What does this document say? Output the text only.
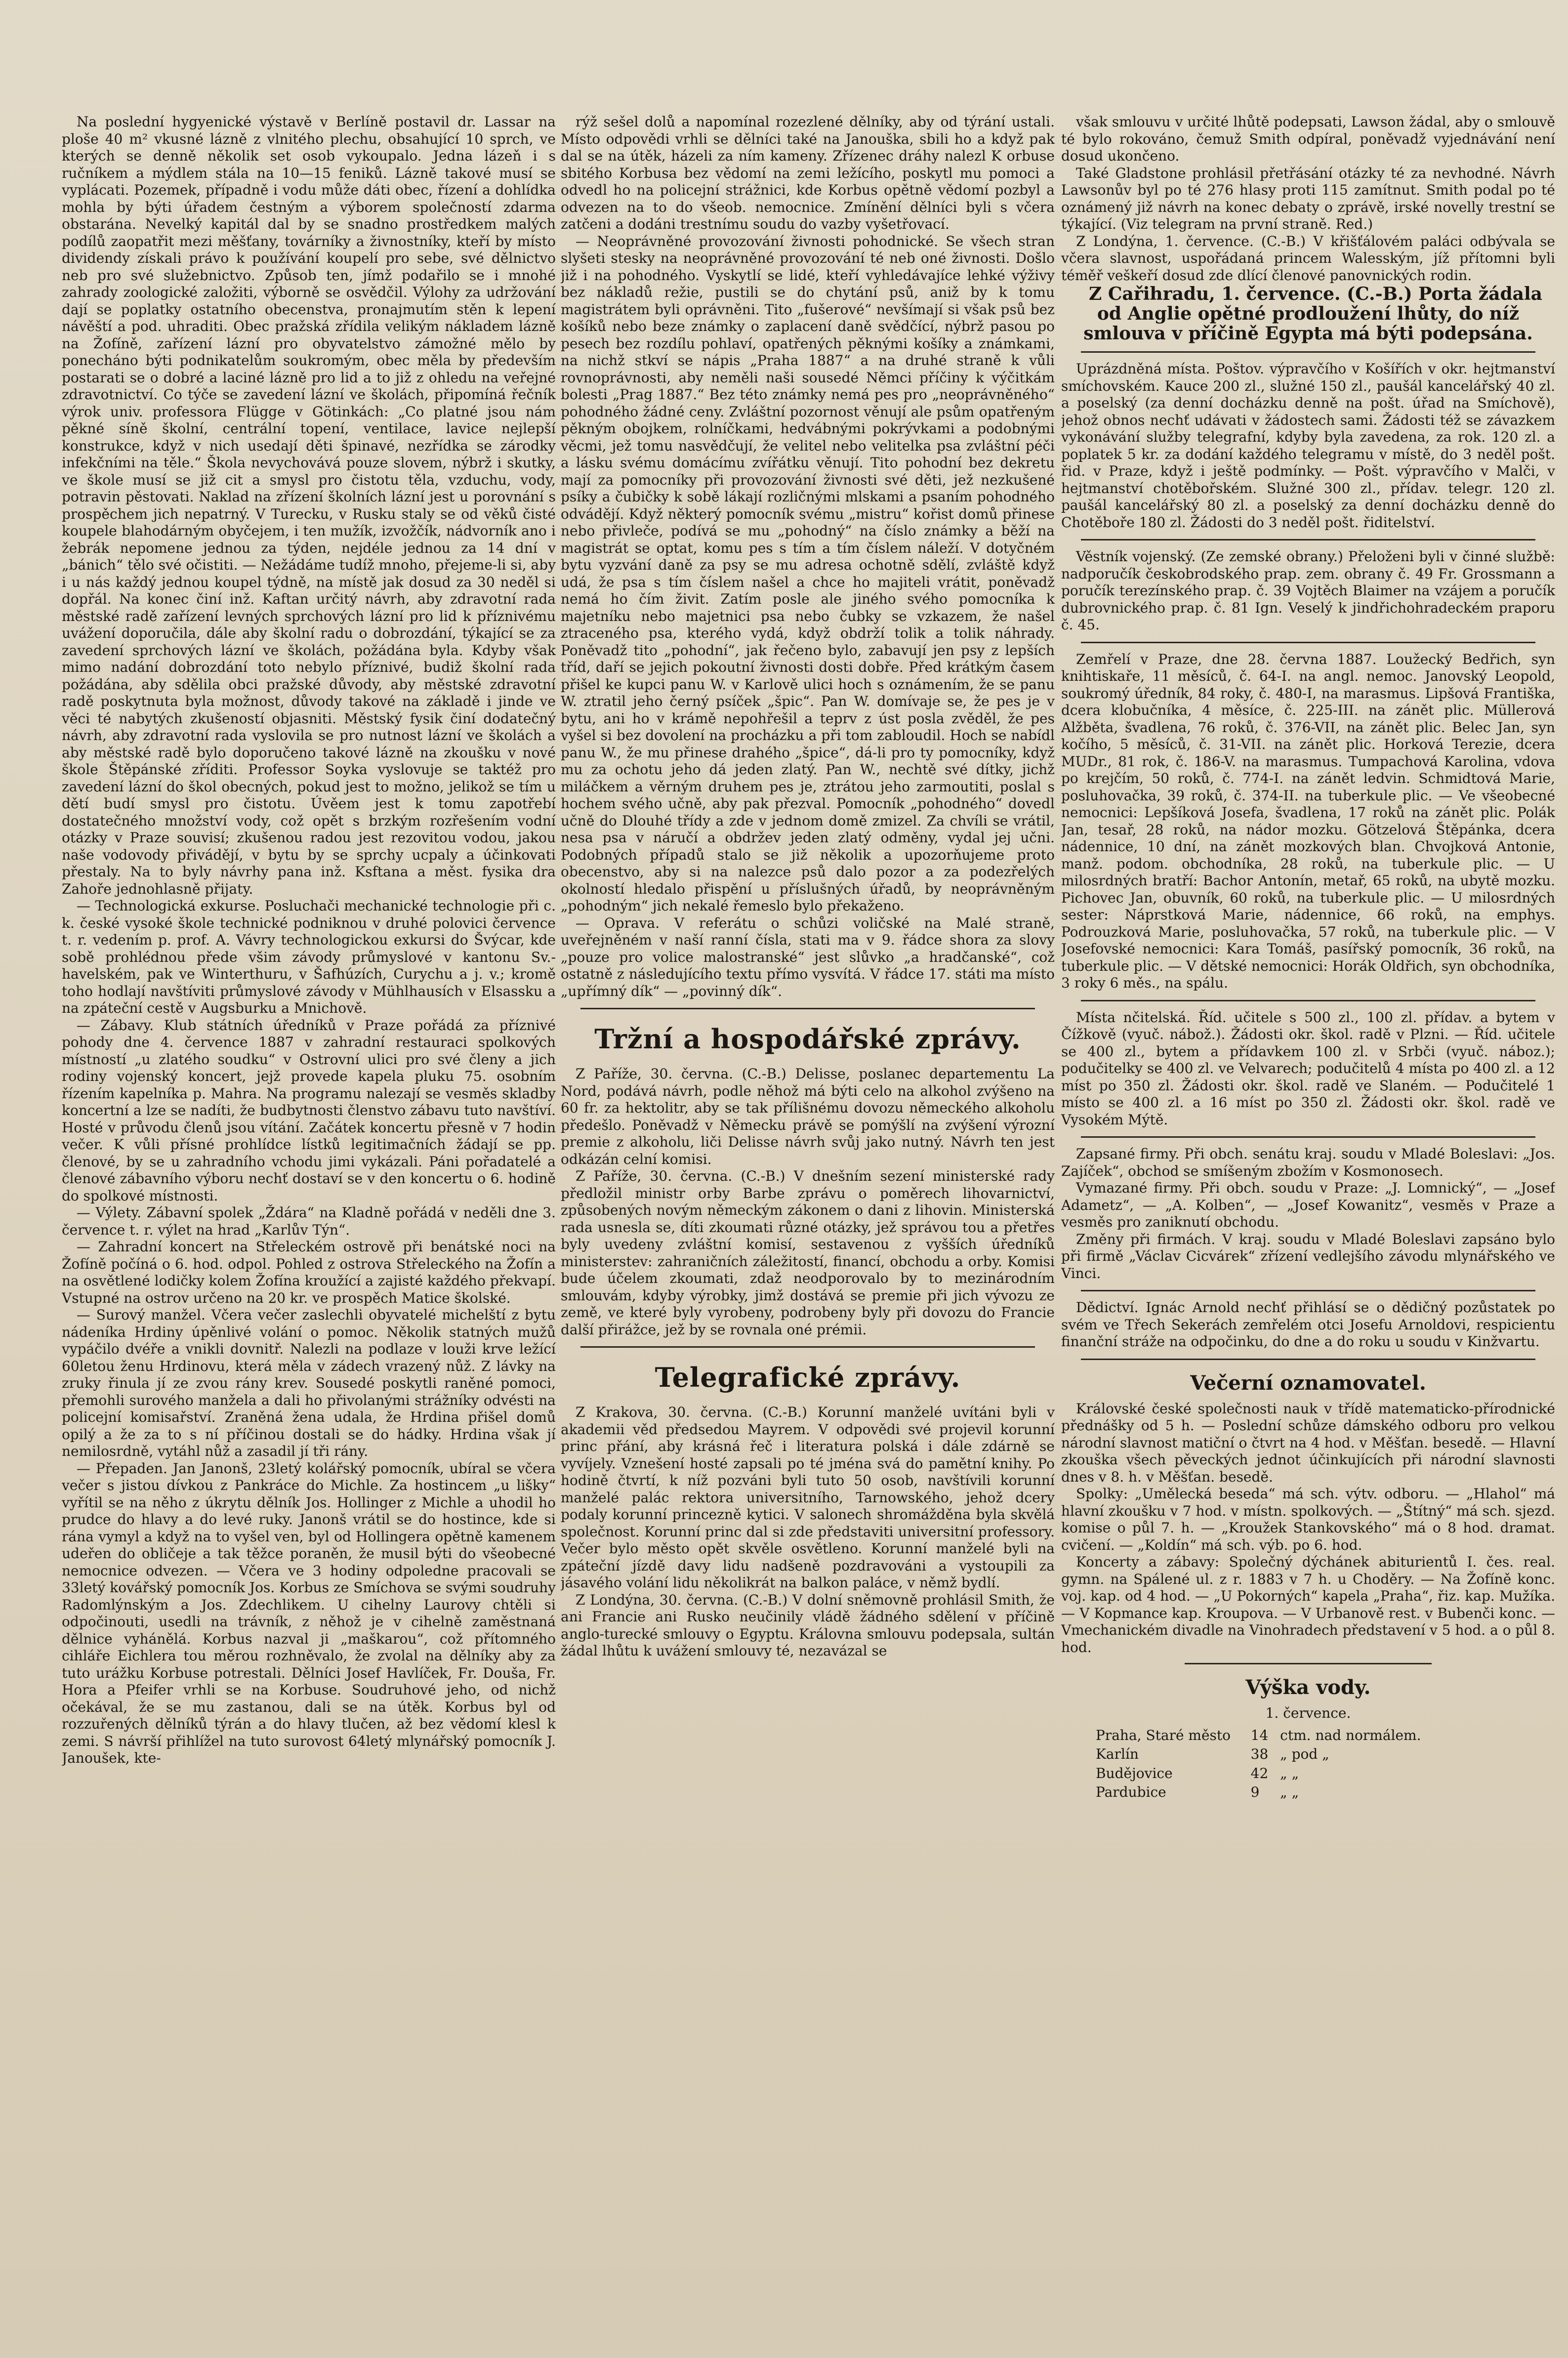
Na poslední hygyenické výstavě v Berlíně postavil dr. Lassar na ploše 40 m² vkusné lázně z vlnitého plechu, obsahující 10 sprch, ve kterých se denně několik set osob vykoupalo. Jedna lázeň i s ručníkem a mýdlem stála na 10—15 feniků. Lázně takové musí se vyplácati. Pozemek, případně i vodu může dáti obec, řízení a dohlídka mohla by býti úřadem čestným a výborem společností zdarma obstarána. Nevelký kapitál dal by se snadno prostředkem malých podílů zaopatřit mezi měšťany, továrníky a živnostníky, kteří by místo dividendy získali právo k používání koupelí pro sebe, své dělnictvo neb pro své služebnictvo. Způsob ten, jímž podařilo se i mnohé zahrady zoologické založiti, výborně se osvědčil. Výlohy za udržování dají se poplatky ostatního obecenstva, pronajmutím stěn k lepení návěští a pod. uhraditi. Obec pražská zřídila velikým nákladem lázně na Žofíně, zařízení lázní pro obyvatelstvo zámožné mělo by ponecháno býti podnikatelům soukromým, obec měla by především postarati se o dobré a laciné lázně pro lid a to již z ohledu na veřejné zdravotnictví. Co týče se zavedení lázní ve školách, připomíná řečník výrok univ. professora Flügge v Götinkách: „Co platné jsou nám pěkné síně školní, centrální topení, ventilace, lavice nejlepší konstrukce, když v nich usedají děti špinavé, nezřídka se zárodky infekčními na těle.“ Škola nevychovává pouze slovem, nýbrž i skutky, ve škole musí se již cit a smysl pro čistotu těla, vzduchu, vody, potravin pěstovati. Naklad na zřízení školních lázní jest u porovnání s prospěchem jich nepatrný. V Turecku, v Rusku staly se od věků čisté koupele blahodárným obyčejem, i ten mužík, izvožčík, nádvorník ano i žebrák nepomene jednou za týden, nejdéle jednou za 14 dní v „bánich“ tělo své očistiti. — Nežádáme tudíž mnoho, přejeme-li si, aby i u nás každý jednou koupel týdně, na místě jak dosud za 30 neděl si dopřál. Na konec činí inž. Kaftan určitý návrh, aby zdravotní rada městské radě zařízení levných sprchových lázní pro lid k příznivému uvážení doporučila, dále aby školní radu o dobrozdání, týkající se za zavedení sprchových lázní ve školách, požádána byla. Kdyby však mimo nadání dobrozdání toto nebylo příznivé, budiž školní rada požádána, aby sdělila obci pražské důvody, aby městské zdravotní radě poskytnuta byla možnost, důvody takové na základě i jinde ve věci té nabytých zkušeností objasniti. Městský fysik činí dodatečný návrh, aby zdravotní rada vyslovila se pro nutnost lázní ve školách a aby městské radě bylo doporučeno takové lázně na zkoušku v nové škole Štěpánské zříditi. Professor Soyka vyslovuje se taktéž pro zavedení lázní do škol obecných, pokud jest to možno, jelikož se tím u dětí budí smysl pro čistotu. Úvěem jest k tomu zapotřebí dostatečného množství vody, což opět s brzkým rozřešením vodní otázky v Praze souvisí; zkušenou radou jest rezovitou vodou, jakou naše vodovody přivádějí, v bytu by se sprchy ucpaly a účinkovati přestaly. Na to byly návrhy pana inž. Ksftana a měst. fysika dra Zahoře jednohlasně přijaty.

— Technologická exkurse. Posluchači mechanické technologie při c. k. české vysoké škole technické podniknou v druhé polovici července t. r. vedením p. prof. A. Vávry technologickou exkursi do Švýcar, kde sobě prohlédnou přede všim závody průmyslové v kantonu Sv.-havelském, pak ve Winterthuru, v Šafhúzích, Curychu a j. v.; kromě toho hodlají navštíviti průmyslové závody v Mühlhausích v Elsassku a na zpáteční cestě v Augsburku a Mnichově.

— Zábavy. Klub státních úředníků v Praze pořádá za příznivé pohody dne 4. července 1887 v zahradní restauraci spolkových místností „u zlatého soudku“ v Ostrovní ulici pro své členy a jich rodiny vojenský koncert, jejž provede kapela pluku 75. osobním řízením kapelníka p. Mahra. Na programu nalezají se vesměs skladby koncertní a lze se nadíti, že budbytnosti členstvo zábavu tuto navštíví. Hosté v průvodu členů jsou vítání. Začátek koncertu přesně v 7 hodin večer. K vůli přísné prohlídce lístků legitimačních žádají se pp. členové, by se u zahradního vchodu jimi vykázali. Páni pořadatelé a členové zábavního výboru nechť dostaví se v den koncertu o 6. hodině do spolkové místnosti.

— Výlety. Zábavní spolek „Ždára“ na Kladně pořádá v neděli dne 3. července t. r. výlet na hrad „Karlův Týn“.

— Zahradní koncert na Střeleckém ostrově při benátské noci na Žofíně počíná o 6. hod. odpol. Pohled z ostrova Střeleckého na Žofín a na osvětlené lodičky kolem Žofína kroužící a zajisté každého překvapí. Vstupné na ostrov určeno na 20 kr. ve prospěch Matice školské.

— Surový manžel. Včera večer zaslechli obyvatelé michelští z bytu nádeníka Hrdiny úpěnlivé volání o pomoc. Několik statných mužů vypáčilo dvéře a vnikli dovnitř. Nalezli na podlaze v louži krve ležící 60letou ženu Hrdinovu, která měla v zádech vrazený nůž. Z lávky na zruky řinula jí ze zvou rány krev. Sousedé poskytli raněné pomoci, přemohli surového manžela a dali ho přivolanými strážníky odvésti na policejní komisařství. Zraněná žena udala, že Hrdina přišel domů opilý a že za to s ní příčinou dostali se do hádky. Hrdina však jí nemilosrdně, vytáhl nůž a zasadil jí tři rány.

— Přepaden. Jan Janonš, 23letý kolářský pomocník, ubíral se včera večer s jistou dívkou z Pankráce do Michle. Za hostincem „u lišky“ vyřítil se na něho z úkrytu dělník Jos. Hollinger z Michle a uhodil ho prudce do hlavy a do levé ruky. Janonš vrátil se do hostince, kde si rána vymyl a když na to vyšel ven, byl od Hollingera opětně kamenem udeřen do obličeje a tak těžce poraněn, že musil býti do všeobecné nemocnice odvezen. — Včera ve 3 hodiny odpoledne pracovali se 33letý kovářský pomocník Jos. Korbus ze Smíchova se svými soudruhy Radomlýnským a Jos. Zdechlikem. U cihelny Laurovy chtěli si odpočinouti, usedli na trávník, z něhož je v cihelně zaměstnaná dělnice vyhánělá. Korbus nazval ji „maškarou“, což přítomného cihláře Eichlera tou měrou rozhněvalo, že zvolal na dělníky aby za tuto urážku Korbuse potrestali. Dělníci Josef Havlíček, Fr. Douša, Fr. Hora a Pfeifer vrhli se na Korbuse. Soudruhové jeho, od nichž očekával, že se mu zastanou, dali se na útěk. Korbus byl od rozzuřených dělníků týrán a do hlavy tlučen, až bez vědomí klesl k zemi. S návrší přihlížel na tuto surovost 64letý mlynářský pomocník J. Janoušek, kte-

rýž sešel dolů a napomínal rozezlené dělníky, aby od týrání ustali. Místo odpovědi vrhli se dělníci také na Janouška, sbili ho a když pak dal se na útěk, házeli za ním kameny. Zřízenec dráhy nalezl K orbuse sbitého Korbusa bez vědomí na zemi ležícího, poskytl mu pomoci a odvedl ho na policejní strážnici, kde Korbus opětně vědomí pozbyl a odvezen na to do všeob. nemocnice. Zmínění dělníci byli s včera zatčeni a dodáni trestnímu soudu do vazby vyšetřovací.

— Neoprávněné provozování živnosti pohodnické. Se všech stran slyšeti stesky na neoprávněné provozování té neb oné živnosti. Došlo již i na pohodného. Vyskytlí se lidé, kteří vyhledávajíce lehké výživy bez nákladů režie, pustili se do chytání psů, aniž by k tomu magistrátem byli oprávněni. Tito „fušerové“ nevšímají si však psů bez košíků nebo beze známky o zaplacení daně svědčící, nýbrž pasou po pesech bez rozdílu pohlaví, opatřených pěknými košíky a známkami, na nichž stkví se nápis „Praha 1887“ a na druhé straně k vůli rovnoprávnosti, aby neměli naši sousedé Němci příčiny k výčitkám bolesti „Prag 1887.“ Bez této známky nemá pes pro „neoprávněného“ pohodného žádné ceny. Zvláštní pozornost věnují ale psům opatřeným pěkným obojkem, rolníčkami, hedvábnými pokrývkami a podobnými věcmi, jež tomu nasvědčují, že velitel nebo velitelka psa zvláštní péči a lásku svému domácímu zvířátku věnují. Tito pohodní bez dekretu mají za pomocníky při provozování živnosti své děti, jež nezkušené psíky a čubičky k sobě lákají rozličnými mlskami a psaním pohodného odvádějí. Když některý pomocník svému „mistru“ kořist domů přinese nebo přivleče, podívá se mu „pohodný“ na číslo známky a běží na magistrát se optat, komu pes s tím a tím číslem náleží. V dotyčném bytu vyzvání daně za psy se mu adresa ochotně sdělí, zvláště když udá, že psa s tím číslem našel a chce ho majiteli vrátit, poněvadž nemá ho čím živit. Zatím posle ale jiného svého pomocníka k majetníku nebo majetnici psa nebo čubky se vzkazem, že našel ztraceného psa, kterého vydá, když obdrží tolik a tolik náhrady. Poněvadž tito „pohodní“, jak řečeno bylo, zabavují jen psy z lepších tříd, daří se jejich pokoutní živnosti dosti dobře. Před krátkým časem přišel ke kupci panu W. v Karlově ulici hoch s oznámením, že se panu W. ztratil jeho černý psíček „špic“. Pan W. domívaje se, že pes je v bytu, ani ho v krámě nepohřešil a teprv z úst posla zvěděl, že pes vyšel si bez dovolení na procházku a při tom zabloudil. Hoch se nabídl panu W., že mu přinese drahého „špice“, dá-li pro ty pomocníky, když mu za ochotu jeho dá jeden zlatý. Pan W., nechtě své dítky, jichž miláčkem a věrným druhem pes je, ztrátou jeho zarmoutiti, poslal s hochem svého učně, aby pak přezval. Pomocník „pohodného“ dovedl učně do Dlouhé třídy a zde v jednom domě zmizel. Za chvíli se vrátil, nesa psa v náručí a obdržev jeden zlatý odměny, vydal jej učni. Podobných případů stalo se již několik a upozorňujeme proto obecenstvo, aby si na nalezce psů dalo pozor a za podezřelých okolností hledalo přispění u příslušných úřadů, by neoprávněným „pohodným“ jich nekalé řemeslo bylo překaženo.

— Oprava. V referátu o schůzi voličské na Malé straně, uveřejněném v naší ranní čísla, stati ma v 9. řádce shora za slovy „pouze pro volice malostranské“ jest slůvko „a hradčanské“, což ostatně z následujícího textu přímo vysvítá. V řádce 17. státi ma místo „upřímný dík“ — „povinný dík“.

Tržní a hospodářské zprávy.

Z Paříže, 30. června. (C.-B.) Delisse, poslanec departementu La Nord, podává návrh, podle něhož má býti celo na alkohol zvýšeno na 60 fr. za hektolitr, aby se tak přílišnému dovozu německého alkoholu předešlo. Poněvadž v Německu právě se pomýšlí na zvýšení výrozní premie z alkoholu, liči Delisse návrh svůj jako nutný. Návrh ten jest odkázán celní komisi.

Z Paříže, 30. června. (C.-B.) V dnešním sezení ministerské rady předložil ministr orby Barbe zprávu o poměrech lihovarnictví, způsobených novým německým zákonem o dani z lihovin. Ministerská rada usnesla se, díti zkoumati různé otázky, jež správou tou a přetřes byly uvedeny zvláštní komisí, sestavenou z vyšších úředníků ministerstev: zahraničních záležitostí, financí, obchodu a orby. Komisi bude účelem zkoumati, zdaž neodporovalo by to mezinárodním smlouvám, kdyby výrobky, jimž dostává se premie při jich vývozu ze země, ve které byly vyrobeny, podrobeny byly při dovozu do Francie další přirážce, jež by se rovnala oné prémii.

Telegrafické zprávy.

Z Krakova, 30. června. (C.-B.) Korunní manželé uvítáni byli v akademii věd předsedou Mayrem. V odpovědi své projevil korunní princ přání, aby krásná řeč i literatura polská i dále zdárně se vyvíjely. Vznešení hosté zapsali po té jména svá do pamětní knihy. Po hodině čtvrtí, k níž pozváni byli tuto 50 osob, navštívili korunní manželé palác rektora universitního, Tarnowského, jehož dcery podaly korunní princezně kytici. V salonech shromážděna byla skvělá společnost. Korunní princ dal si zde představiti universitní professory. Večer bylo město opět skvěle osvětleno. Korunní manželé byli na zpáteční jízdě davy lidu nadšeně pozdravováni a vystoupili za jásavého volání lidu několikrát na balkon paláce, v němž bydlí.

Z Londýna, 30. června. (C.-B.) V dolní sněmovně prohlásil Smith, že ani Francie ani Rusko neučinily vládě žádného sdělení v příčině anglo-turecké smlouvy o Egyptu. Královna smlouvu podepsala, sultán žádal lhůtu k uvážení smlouvy té, nezavázal se

však smlouvu v určité lhůtě podepsati, Lawson žádal, aby o smlouvě té bylo rokováno, čemuž Smith odpíral, poněvadž vyjednávání není dosud ukončeno.

Také Gladstone prohlásil přetřásání otázky té za nevhodné. Návrh Lawsonův byl po té 276 hlasy proti 115 zamítnut. Smith podal po té oznámený již návrh na konec debaty o zprávě, irské novelly trestní se týkající. (Viz telegram na první straně. Red.)

Z Londýna, 1. července. (C.-B.) V křišťálovém paláci odbývala se včera slavnost, uspořádaná princem Walesským, jíž přítomni byli téměř veškeří dosud zde dlící členové panovnických rodin.

Z Cařihradu, 1. července. (C.-B.) Porta žádala od Anglie opětné prodloužení lhůty, do níž smlouva v příčině Egypta má býti podepsána.

Uprázdněná místa. Poštov. výpravčího v Košířích v okr. hejtmanství smíchovském. Kauce 200 zl., služné 150 zl., paušál kancelářský 40 zl. a poselský (za denní docházku denně na pošt. úřad na Smíchově), jehož obnos nechť udávati v žádostech sami. Žádosti též se závazkem vykonávání služby telegrafní, kdyby byla zavedena, za rok. 120 zl. a poplatek 5 kr. za dodání každého telegramu v místě, do 3 neděl pošt. řid. v Praze, když i ještě podmínky. — Pošt. výpravčího v Malči, v hejtmanství chotěbořském. Služné 300 zl., přídav. telegr. 120 zl. paušál kancelářský 80 zl. a poselský za denní docházku denně do Chotěboře 180 zl. Žádosti do 3 neděl pošt. řiditelství.

Věstník vojenský. (Ze zemské obrany.) Přeloženi byli v činné službě: nadporučík českobrodského prap. zem. obrany č. 49 Fr. Grossmann a poručík terezínského prap. č. 39 Vojtěch Blaimer na vzájem a poručík dubrovnického prap. č. 81 Ign. Veselý k jindřichohradeckém praporu č. 45.

Zemřelí v Praze, dne 28. června 1887. Loužecký Bedřich, syn knihtiskaře, 11 měsíců, č. 64-I. na angl. nemoc. Janovský Leopold, soukromý úředník, 84 roky, č. 480-I, na marasmus. Lipšová Františka, dcera klobučníka, 4 měsíce, č. 225-III. na zánět plic. Müllerová Alžběta, švadlena, 76 roků, č. 376-VII, na zánět plic. Belec Jan, syn kočího, 5 měsíců, č. 31-VII. na zánět plic. Horková Terezie, dcera MUDr., 81 rok, č. 186-V. na marasmus. Tumpachová Karolina, vdova po krejčím, 50 roků, č. 774-I. na zánět ledvin. Schmidtová Marie, posluhovačka, 39 roků, č. 374-II. na tuberkule plic. — Ve všeobecné nemocnici: Lepšíková Josefa, švadlena, 17 roků na zánět plic. Polák Jan, tesař, 28 roků, na nádor mozku. Götzelová Štěpánka, dcera nádennice, 10 dní, na zánět mozkových blan. Chvojková Antonie, manž. podom. obchodníka, 28 roků, na tuberkule plic. — U milosrdných bratří: Bachor Antonín, metař, 65 roků, na ubytě mozku. Pichovec Jan, obuvník, 60 roků, na tuberkule plic. — U milosrdných sester: Náprstková Marie, nádennice, 66 roků, na emphys. Podrouzková Marie, posluhovačka, 57 roků, na tuberkule plic. — V Josefovské nemocnici: Kara Tomáš, pasířský pomocník, 36 roků, na tuberkule plic. — V dětské nemocnici: Horák Oldřich, syn obchodníka, 3 roky 6 měs., na spálu.

Místa nčitelská. Říd. učitele s 500 zl., 100 zl. přídav. a bytem v Čížkově (vyuč. nábož.). Žádosti okr. škol. radě v Plzni. — Říd. učitele se 400 zl., bytem a přídavkem 100 zl. v Srbči (vyuč. náboz.); podučitelky se 400 zl. ve Velvarech; podučitelů 4 místa po 400 zl. a 12 míst po 350 zl. Žádosti okr. škol. radě ve Slaném. — Podučitelé 1 místo se 400 zl. a 16 míst po 350 zl. Žádosti okr. škol. radě ve Vysokém Mýtě.

Zapsané firmy. Při obch. senátu kraj. soudu v Mladé Boleslavi: „Jos. Zajíček“, obchod se smíšeným zbožím v Kosmonosech.

Vymazané firmy. Při obch. soudu v Praze: „J. Lomnický“, — „Josef Adametz“, — „A. Kolben“, — „Josef Kowanitz“, vesměs v Praze a vesměs pro zaniknutí obchodu.

Změny při firmách. V kraj. soudu v Mladé Boleslavi zapsáno bylo při firmě „Václav Cicvárek“ zřízení vedlejšího závodu mlynářského ve Vinci.

Dědictví. Ignác Arnold nechť přihlásí se o dědičný pozůstatek po svém ve Třech Sekerách zemřelém otci Josefu Arnoldovi, respicientu finanční stráže na odpočinku, do dne a do roku u soudu v Kinžvartu.

Večerní oznamovatel.

Královské české společnosti nauk v třídě matematicko-přírodnické přednášky od 5 h. — Poslední schůze dámského odboru pro velkou národní slavnost matiční o čtvrt na 4 hod. v Měšťan. besedě. — Hlavní zkouška všech pěveckých jednot účinkujících při národní slavnosti dnes v 8. h. v Měšťan. besedě.

Spolky: „Umělecká beseda“ má sch. výtv. odboru. — „Hlahol“ má hlavní zkoušku v 7 hod. v místn. spolkových. — „Štítný“ má sch. sjezd. komise o půl 7. h. — „Kroužek Stankovského“ má o 8 hod. dramat. cvičení. — „Koldín“ má sch. výb. po 6. hod.

Koncerty a zábavy: Společný dýchánek abiturientů I. čes. real. gymn. na Spálené ul. z r. 1883 v 7 h. u Choděry. — Na Žofíně konc. voj. kap. od 4 hod. — „U Pokorných“ kapela „Praha“, řiz. kap. Mužíka. — V Kopmance kap. Kroupova. — V Urbanově rest. v Bubenči konc. — Vmechanickém divadle na Vinohradech představení v 5 hod. a o půl 8. hod.

Výška vody.

1. července.

Praha, Staré město	14	ctm. nad normálem.
Karlín	38	„ pod „
Budějovice	42	„ „
Pardubice	9	„ „
